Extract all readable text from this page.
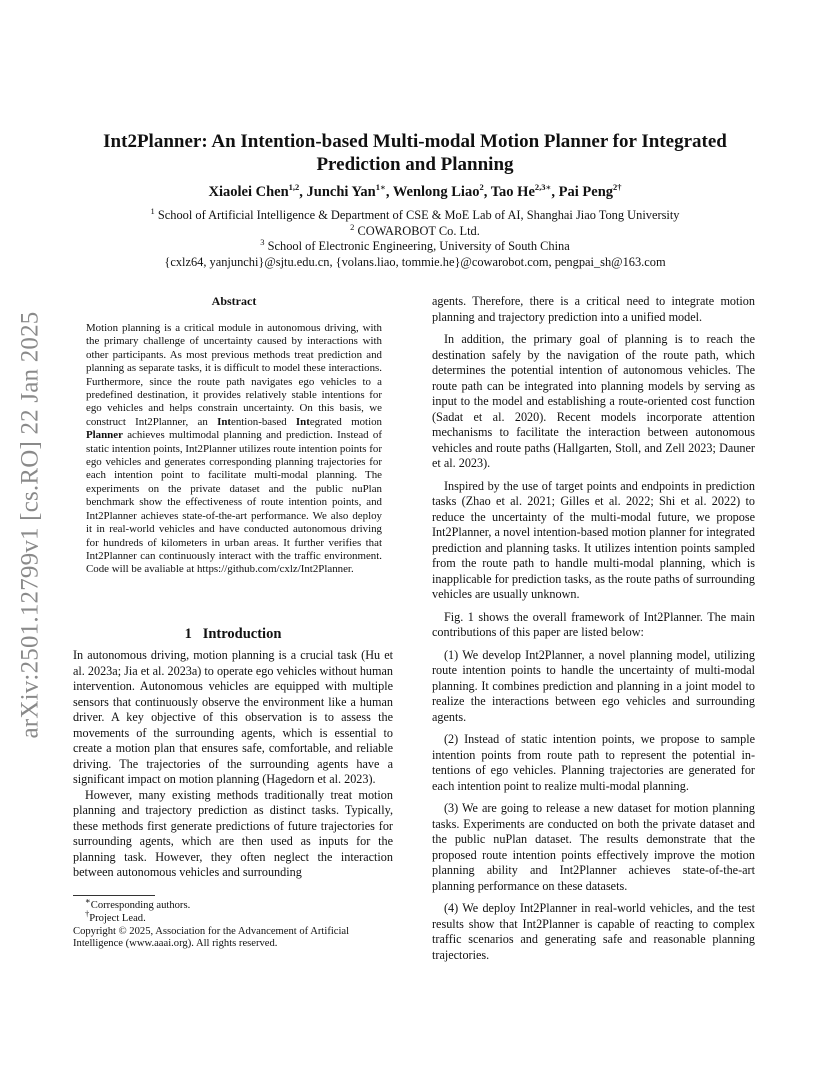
arXiv:2501.12799v1 [cs.RO] 22 Jan 2025
Int2Planner: An Intention-based Multi-modal Motion Planner for Integrated Prediction and Planning
Xiaolei Chen$^{1,2}$, Junchi Yan$^{1∗}$, Wenlong Liao$^2$, Tao $He^{2,3∗}$, Pai Peng$^{2\dagger}$
$^1$ School of Artificial Intelligence & Department of CSE & MoE Lab of AI, Shanghai Jiao Tong University
$^2$ COWAROBOT Co. Ltd.
$^3$ School of Electronic Engineering, University of South China
{cxlz64, yanjunchi}@sjtu.edu.cn, {volans.liao, tommie.he}@cowarobot.com, pengpai_sh@163.com
Abstract

Motion planning is a critical module in autonomous driving, with the primary challenge of uncertainty caused by interactions with other participants. As most previous methods treat prediction and planning as separate tasks, it is difficult to model these interactions. Furthermore, since the route path navigates ego vehicles to a predefined destination, it provides relatively stable intentions for ego vehicles and helps constrain uncertainty. On this basis, we construct Int2Planner, an Intention-based Integrated motion Planner achieves multimodal planning and prediction. Instead of static intention points, Int2Planner utilizes route intention points for ego vehicles and generates corresponding planning trajectories for each intention point to facilitate multi-modal planning. The experiments on the private dataset and the public nuPlan benchmark show the effectiveness of route intention points, and Int2Planner achieves state-of-the-art performance. We also deploy it in real-world vehicles and have conducted autonomous driving for hundreds of kilometers in urban areas. It further verifies that Int2Planner can continuously interact with the traffic environment. Code will be avaliable at https://github.com/cxlz/Int2Planner.

1 Introduction

In autonomous driving, motion planning is a crucial task (Hu et al. 2023a; Jia et al. 2023a) to operate ego vehicles without human intervention. Autonomous vehicles are equipped with multiple sensors that continuously observe the environment like a human driver. A key objective of this observation is to assess the movements of the surrounding agents, which is essential to create a motion plan that ensures safe, comfortable, and reliable driving. The trajectories of the surrounding agents have a significant impact on motion planning (Hagedorn et al. 2023).

However, many existing methods traditionally treat motion planning and trajectory prediction as distinct tasks. Typically, these methods first generate predictions of future trajectories for surrounding agents, which are then used as inputs for the planning task. However, they often neglect the interaction between autonomous vehicles and surrounding

∗Corresponding authors.
†Project Lead.
Copyright © 2025, Association for the Advancement of Artificial Intelligence (www.aaai.org). All rights reserved.

agents. Therefore, there is a critical need to integrate motion planning and trajectory prediction into a unified model.

In addition, the primary goal of planning is to reach the destination safely by the navigation of the route path, which determines the potential intention of autonomous vehicles. The route path can be integrated into planning models by serving as input to the model and establishing a route-oriented cost function (Sadat et al. 2020). Recent models incorporate attention mechanisms to facilitate the interaction between autonomous vehicles and route paths (Hallgarten, Stoll, and Zell 2023; Dauner et al. 2023).

Inspired by the use of target points and endpoints in prediction tasks (Zhao et al. 2021; Gilles et al. 2022; Shi et al. 2022) to reduce the uncertainty of the multi-modal future, we propose Int2Planner, a novel intention-based motion planner for integrated prediction and planning tasks. It utilizes intention points sampled from the route path to handle multi-modal planning, which is inapplicable for prediction tasks, as the route paths of surrounding vehicles are usually unknown.

Fig. 1 shows the overall framework of Int2Planner. The main contributions of this paper are listed below:

(1) We develop Int2Planner, a novel planning model, utilizing route intention points to handle the uncertainty of multi-modal planning. It combines prediction and planning in a joint model to realize the interactions between ego vehicles and surrounding agents.

(2) Instead of static intention points, we propose to sample intention points from route path to represent the potential intentions of ego vehicles. Planning trajectories are generated for each intention point to realize multi-modal planning.

(3) We are going to release a new dataset for motion planning tasks. Experiments are conducted on both the private dataset and the public nuPlan dataset. The results demonstrate that the proposed route intention points effectively improve the motion planning ability and Int2Planner achieves state-of-the-art planning performance on these datasets.

(4) We deploy Int2Planner in real-world vehicles, and the test results show that Int2Planner is capable of reacting to complex traffic scenarios and generating safe and reasonable planning trajectories.
